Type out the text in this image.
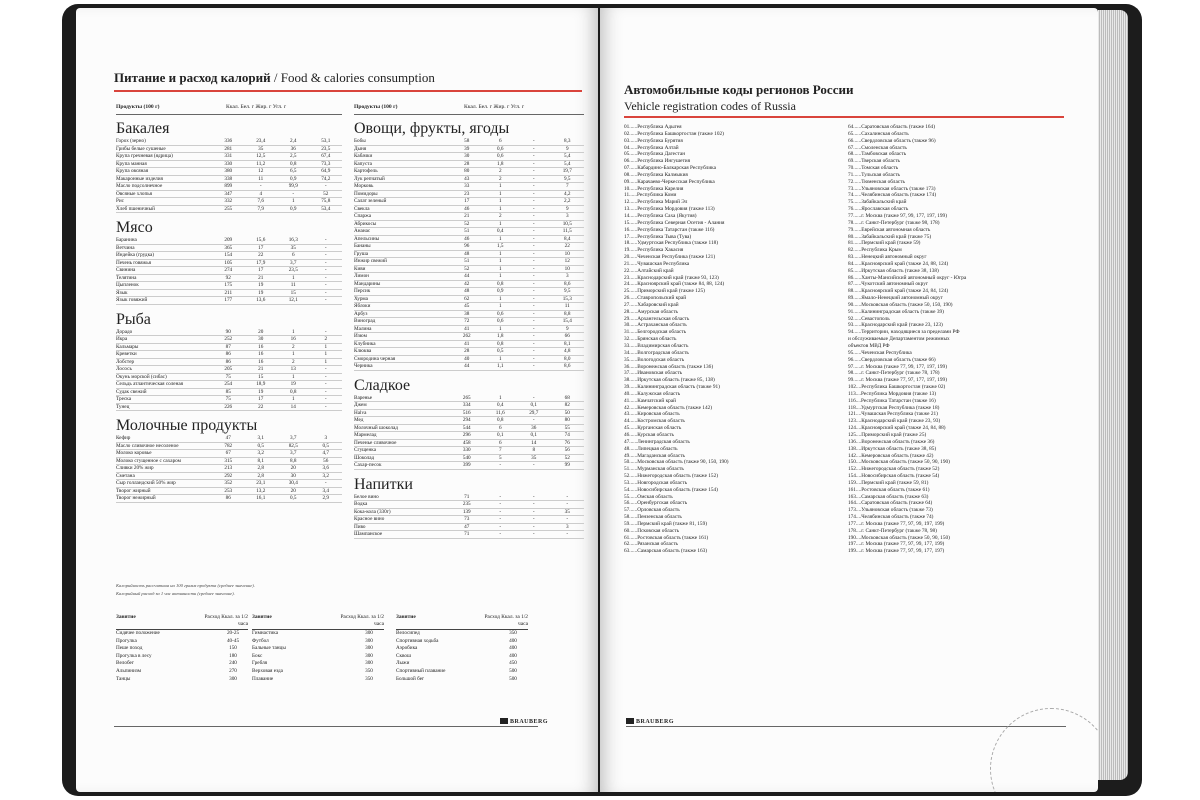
Питание и расход калорий / Food & calories consumption
Продукты (100 г)	Ккал. Бел. г Жир. г Угл. г	Продукты (100 г)	Ккал. Бел. г Жир. г Угл. г
Бакалея
Горох (зерно)	336	23,4	2,4	53,1
Грибы белые сушеные	281	35	36	23,5
Крупа гречневая (ядрица)	331	12,5	2,5	67,4
Крупа манная	330	11,2	0,8	73,3
Крупа овсяная	380	12	6,5	64,9
Макаронные изделия	338	11	0,9	74,2
Масло подсолнечное	899	-	99,9	-
Овсяные хлопья	347	4	-	52
Рис	332	7,6	1	75,8
Хлеб пшеничный	255	7,9	0,9	53,4
Мясо
Баранина	209	15,6	16,3	-
Ветчина	365	17	35	-
Индейка (грудка)	154	22	6	-
Печень говяжья	105	17,9	3,7	-
Свинина	274	17	23,5	-
Телятина	92	21	1	-
Цыпленок	175	19	11	-
Язык	211	19	15	-
Язык говяжий	177	13,6	12,1	-
Рыба
Дорадо	90	20	1	-
Икра	252	30	16	2
Кальмары	87	16	2	1
Креветки	86	16	1	1
Лобстер	86	16	2	1
Лосось	205	21	13	-
Окунь морской (сибас)	75	15	1	-
Сельдь атлантическая соленая	254	18,9	19	-
Судак свежий	85	19	0,8	-
Треска	75	17	1	-
Тунец	226	22	14	-
Молочные продукты
Кефир	47	3,1	3,7	3
Масло сливочное несоленое	782	0,5	82,5	0,5
Молоко коровье	67	3,2	3,7	4,7
Молоко сгущенное с сахаром	315	8,1	8,8	56
Сливки 20% жир	213	2,8	20	3,6
Сметана	292	2,8	30	3,2
Сыр голландский 50% жир	352	23,1	30,4	-
Творог жирный	253	13,2	20	3,4
Творог нежирный	86	16,1	0,5	2,9
Овощи, фрукты, ягоды
Бобы	58	6	-	8,3
Дыня	39	0,6	-	9
Кабачки	30	0,6	-	5,4
Капуста	28	1,8	-	5,4
Картофель	80	2	-	19,7
Лук репчатый	43	2	-	9,5
Морковь	33	1	-	7
Помидоры	23	1	-	4,2
Салат зеленый	17	1	-	2,2
Свекла	46	1	-	9
Спаржа	21	2	-	3
Абрикосы	52	1	-	10,5
Ананас	51	0,4	-	11,5
Апельсины	46	1	-	8,4
Бананы	96	1,5	-	22
Груша	48	1	-	10
Инжир свежий	51	1	-	12
Киви	52	1	-	10
Лимон	44	1	-	3
Мандарины	42	0,8	-	8,6
Персик	48	0,9	-	9,5
Хурма	62	1	-	15,3
Яблоки	45	1	-	11
Арбуз	38	0,6	-	8,8
Виноград	72	0,6	-	15,4
Малина	41	1	-	9
Изюм	262	1,8	-	66
Клубника	41	0,8	-	8,1
Клюква	28	0,5	-	4,8
Смородина черная	40	1	-	8,0
Черника	44	1,1	-	8,6
Сладкое
Варенье	265	1	-	68
Джем	334	0,4	0,1	82
Halva	516	11,6	29,7	50
Мед	294	0,8	-	80
Молочный шоколад	544	6	36	55
Мармелад	296	0,1	0,1	74
Печенье сливочное	458	6	14	76
Сгущенка	330	7	8	56
Шоколад	540	5	35	52
Сахар-песок	399	-	-	99
Напитки
Белое вино	71	-	-	-
Водка	235	-	-	-
Кока-кола (330г)	139	-	-	35
Красное вино	73	-	-	-
Пиво	47	-	-	3
Шампанское	71	-	-	-
Калорийность рассчитана на 100 грамм продукта (среднее значение).
Калорийный расход за 1 час активности (среднее значение).
Занятие	Расход Ккал. за 1/2 часа
Сидячее положение	20-25
Прогулка	40-45
Пеше поход	150
Прогулка в лесу	180
Велобег	240
Альпинизм	270
Танцы	300
Занятие	Расход Ккал. за 1/2 часа
Гимнастика	300
Футбол	300
Бальные танцы	300
Бокс	300
Гребля	300
Верховая езда	350
Плавание	350
Занятие	Расход Ккал. за 1/2 часа
Велосипед	350
Спортивная ходьба	400
Аэробика	400
Сквош	400
Лыжи	450
Спортивный плавание	500
Большой бег	500
BRAUBERG
Автомобильные коды регионов России
Vehicle registration codes of Russia
01......Республика Адыгея
02......Республика Башкортостан (также 102)
03......Республика Бурятия
04......Республика Алтай
05......Республика Дагестан
06......Республика Ингушетия
07......Кабардино-Балкарская Республика
08......Республика Калмыкия
09......Карачаево-Черкесская Республика
10......Республика Карелия
11......Республика Коми
12......Республика Марий Эл
13......Республика Мордовия (также 113)
14......Республика Саха (Якутия)
15......Республика Северная Осетия - Алания
16......Республика Татарстан (также 116)
17......Республика Тыва (Тува)
18......Удмуртская Республика (также 118)
19......Республика Хакасия
20......Чеченская Республика (также 121)
21......Чувашская Республика
22......Алтайский край
23......Краснодарский край (также 93, 123)
24......Красноярский край (также 84, 88, 124)
25......Приморский край (также 125)
26......Ставропольский край
27......Хабаровский край
28......Амурская область
29......Архангельская область
30......Астраханская область
31......Белгородская область
32......Брянская область
33......Владимирская область
34......Волгоградская область
35......Вологодская область
36......Воронежская область (также 136)
37......Ивановская область
38......Иркутская область (также 85, 138)
39......Калининградская область (также 91)
40......Калужская область
41......Камчатский край
42......Кемеровская область (также 142)
43......Кировская область
44......Костромская область
45......Курганская область
46......Курская область
47......Ленинградская область
48......Липецкая область
49......Магаданская область
50......Московская область (также 90, 150, 190)
51......Мурманская область
52......Нижегородская область (также 152)
53......Новгородская область
54......Новосибирская область (также 154)
55......Омская область
56......Оренбургская область
57......Орловская область
58......Пензенская область
59......Пермский край (также 81, 159)
60......Псковская область
61......Ростовская область (также 161)
62......Рязанская область
63......Самарская область (также 163)
64......Саратовская область (также 164)
65......Сахалинская область
66......Свердловская область (также 96)
67......Смоленская область
68......Тамбовская область
69......Тверская область
70......Томская область
71......Тульская область
72......Тюменская область
73......Ульяновская область (также 173)
74......Челябинская область (также 174)
75......Забайкальский край
76......Ярославская область
77......г. Москва (также 97, 99, 177, 197, 199)
78......г. Санкт-Петербург (также 98, 178)
79......Еврейская автономная область
80......Забайкальский край (также 75)
81......Пермский край (также 59)
82......Республика Крым
83......Ненецкий автономный округ
84......Красноярский край (также 24, 88, 124)
85......Иркутская область (также 38, 138)
86......Ханты-Мансийский автономный округ - Югра
87......Чукотский автономный округ
88......Красноярский край (также 24, 84, 124)
89......Ямало-Ненецкий автономный округ
90......Московская область (также 50, 150, 190)
91......Калининградская область (также 39)
92......Севастополь
93......Краснодарский край (также 23, 123)
94......Территории, находящиеся за пределами РФ
и обслуживаемые Департаментом режимных
объектов МВД РФ
95......Чеченская Республика
96......Свердловская область (также 66)
97......г. Москва (также 77, 99, 177, 197, 199)
98......г. Санкт-Петербург (также 78, 178)
99......г. Москва (также 77, 97, 177, 197, 199)
102....Республика Башкортостан (также 02)
113....Республика Мордовия (также 13)
116....Республика Татарстан (также 16)
118....Удмуртская Республика (также 18)
121....Чувашская Республика (также 21)
123....Краснодарский край (также 23, 93)
124....Красноярский край (также 24, 84, 88)
125....Приморский край (также 25)
136....Воронежская область (также 36)
138....Иркутская область (также 38, 85)
142....Кемеровская область (также 42)
150....Московская область (также 50, 90, 190)
152....Нижегородская область (также 52)
154....Новосибирская область (также 54)
159....Пермский край (также 59, 81)
161....Ростовская область (также 61)
163....Самарская область (также 63)
164....Саратовская область (также 64)
173....Ульяновская область (также 73)
174....Челябинская область (также 74)
177....г. Москва (также 77, 97, 99, 197, 199)
178....г. Санкт-Петербург (также 78, 98)
190....Московская область (также 50, 90, 150)
197....г. Москва (также 77, 97, 99, 177, 199)
199....г. Москва (также 77, 97, 99, 177, 197)
BRAUBERG
